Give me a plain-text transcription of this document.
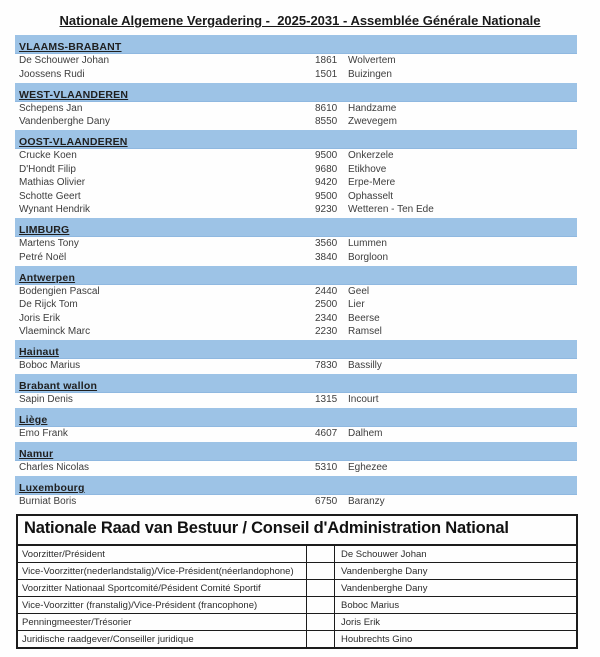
Nationale Algemene Vergadering -  2025-2031 - Assemblée Générale Nationale
VLAAMS-BRABANT
De Schouwer Johan	1861	Wolvertem
Joossens Rudi	1501	Buizingen
WEST-VLAANDEREN
Schepens Jan	8610	Handzame
Vandenberghe Dany	8550	Zwevegem
OOST-VLAANDEREN
Crucke Koen	9500	Onkerzele
D'Hondt Filip	9680	Etikhove
Mathias Olivier	9420	Erpe-Mere
Schotte Geert	9500	Ophasselt
Wynant Hendrik	9230	Wetteren - Ten Ede
LIMBURG
Martens Tony	3560	Lummen
Petré Noël	3840	Borgloon
Antwerpen
Bodengien Pascal	2440	Geel
De Rijck Tom	2500	Lier
Joris Erik	2340	Beerse
Vlaeminck Marc	2230	Ramsel
Hainaut
Boboc Marius	7830	Bassilly
Brabant wallon
Sapin Denis	1315	Incourt
Liège
Emo Frank	4607	Dalhem
Namur
Charles Nicolas	5310	Eghezee
Luxembourg
Burniat Boris	6750	Baranzy
Nationale Raad van Bestuur / Conseil d'Administration National
Voorzitter/Président	De Schouwer Johan
Vice-Voorzitter(nederlandstalig)/Vice-Président(néerlandophone)	Vandenberghe Dany
Voorzitter Nationaal Sportcomité/Pésident Comité Sportif	Vandenberghe Dany
Vice-Voorzitter (franstalig)/Vice-Président (francophone)	Boboc Marius
Penningmeester/Trésorier	Joris Erik
Juridische raadgever/Conseiller juridique	Houbrechts Gino
